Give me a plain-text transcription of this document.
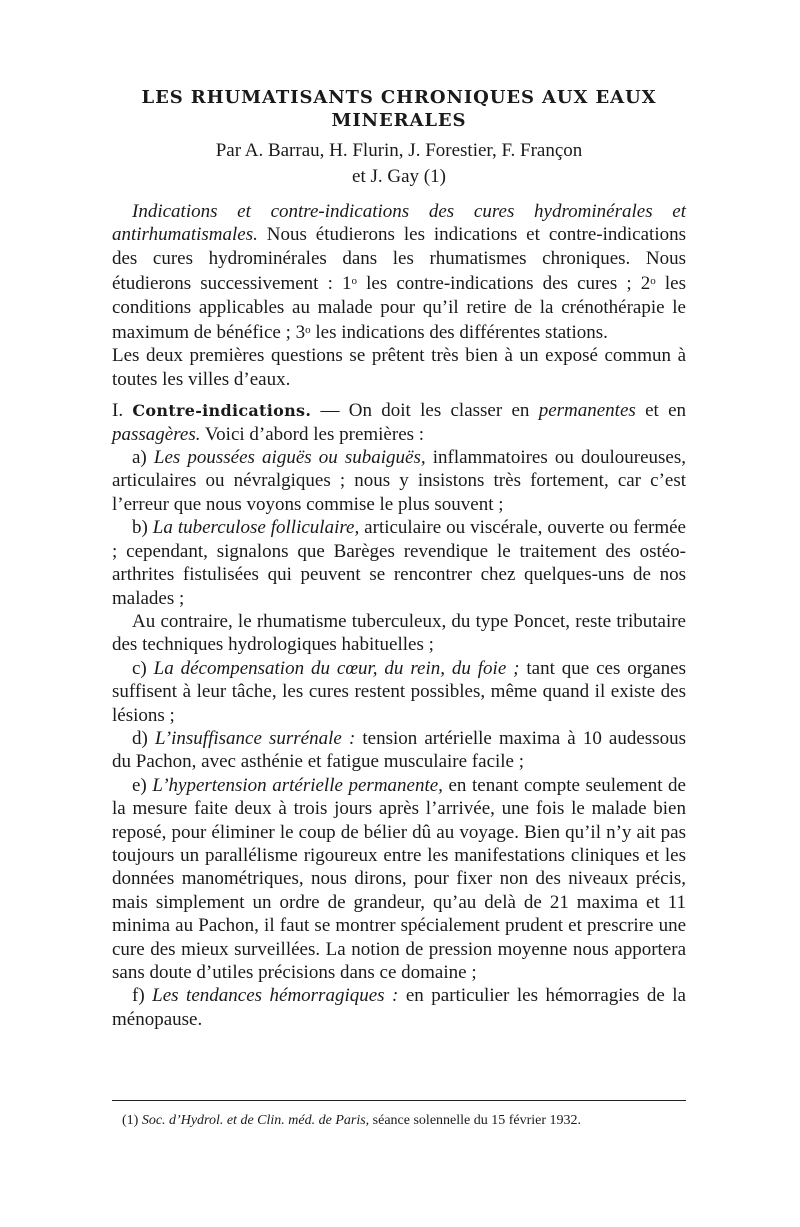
LES RHUMATISANTS CHRONIQUES AUX EAUX
MINERALES
Par A. Barrau, H. Flurin, J. Forestier, F. Françon
et J. Gay (1)

Indications et contre-indications des cures hydrominérales et antirhumatismales. Nous étudierons les indications et contre-indications des cures hydrominérales dans les rhumatismes chroniques. Nous étudierons successivement : 1$^o$ les contre-indications des cures ; 2$^o$ les conditions applicables au malade pour qu’il retire de la crénothérapie le maximum de bénéfice ; 3$^o$ les indications des différentes stations.

Les deux premières questions se prêtent très bien à un exposé commun à toutes les villes d’eaux.

I. Contre-indications. — On doit les classer en permanentes et en passagères. Voici d’abord les premières :

a) Les poussées aiguës ou subaiguës, inflammatoires ou douloureuses, articulaires ou névralgiques ; nous y insistons très fortement, car c’est l’erreur que nous voyons commise le plus souvent ;

b) La tuberculose folliculaire, articulaire ou viscérale, ouverte ou fermée ; cependant, signalons que Barèges revendique le traitement des ostéo-arthrites fistulisées qui peuvent se rencontrer chez quelques-uns de nos malades ;

Au contraire, le rhumatisme tuberculeux, du type Poncet, reste tributaire des techniques hydrologiques habituelles ;

c) La décompensation du cœur, du rein, du foie ; tant que ces organes suffisent à leur tâche, les cures restent possibles, même quand il existe des lésions ;

d) L’insuffisance surrénale : tension artérielle maxima à 10 audessous du Pachon, avec asthénie et fatigue musculaire facile ;

e) L’hypertension artérielle permanente, en tenant compte seulement de la mesure faite deux à trois jours après l’arrivée, une fois le malade bien reposé, pour éliminer le coup de bélier dû au voyage. Bien qu’il n’y ait pas toujours un parallélisme rigoureux entre les manifestations cliniques et les données manométriques, nous dirons, pour fixer non des niveaux précis, mais simplement un ordre de grandeur, qu’au delà de 21 maxima et 11 minima au Pachon, il faut se montrer spécialement prudent et prescrire une cure des mieux surveillées. La notion de pression moyenne nous apportera sans doute d’utiles précisions dans ce domaine ;

f) Les tendances hémorragiques : en particulier les hémorragies de la ménopause.

(1) Soc. d’Hydrol. et de Clin. méd. de Paris, séance solennelle du 15 février 1932.
